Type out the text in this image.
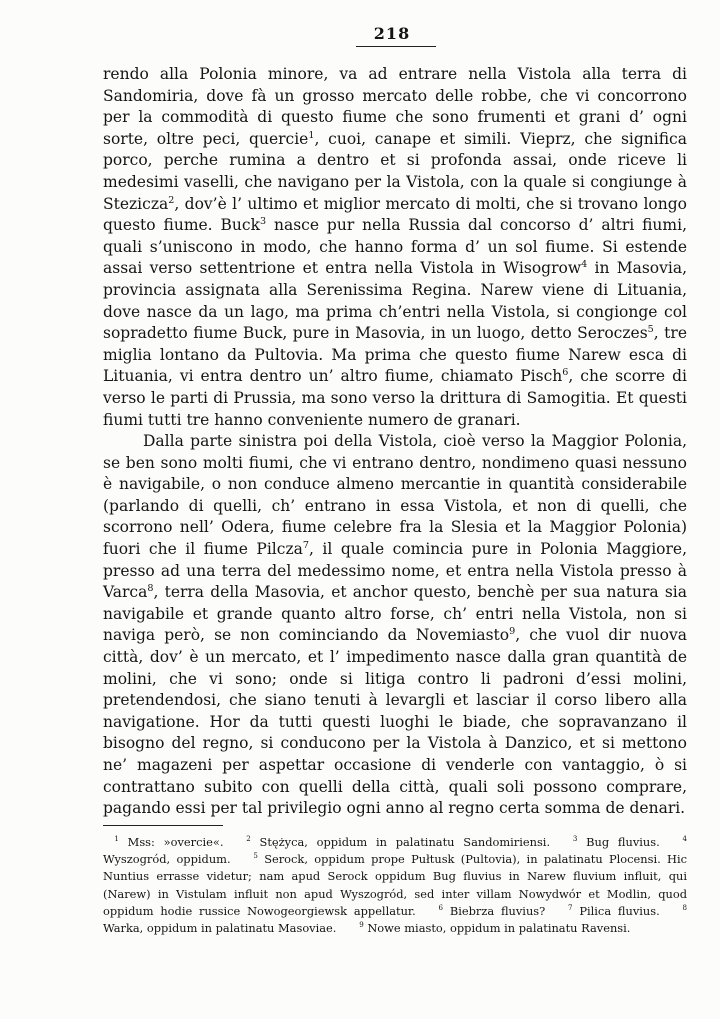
218

rendo alla Polonia minore, va ad entrare nella Vistola alla terra di Sandomiria, dove fà un grosso mercato delle robbe, che vi concorrono per la commodità di questo fiume che sono frumenti et grani d’ ogni sorte, oltre peci, quercie$^1$, cuoi, canape et simili. Vieprz, che significa porco, perche rumina a dentro et si profonda assai, onde riceve li medesimi vaselli, che navigano per la Vistola, con la quale si congiunge à Stezicza$^2$, dov’è l’ ultimo et miglior mercato di molti, che si trovano longo questo fiume. Buck$^3$ nasce pur nella Russia dal concorso d’ altri fiumi, quali s’uniscono in modo, che hanno forma d’ un sol fiume. Si estende assai verso settentrione et entra nella Vistola in Wisogrow$^4$ in Masovia, provincia assignata alla Serenissima Regina. Narew viene di Lituania, dove nasce da un lago, ma prima ch’entri nella Vistola, si congionge col sopradetto fiume Buck, pure in Masovia, in un luogo, detto Seroczes$^5$, tre miglia lontano da Pultovia. Ma prima che questo fiume Narew esca di Lituania, vi entra dentro un’ altro fiume, chiamato Pisch$^6$, che scorre di verso le parti di Prussia, ma sono verso la drittura di Samogitia. Et questi fiumi tutti tre hanno conveniente numero de granari.

Dalla parte sinistra poi della Vistola, cioè verso la Maggior Polonia, se ben sono molti fiumi, che vi entrano dentro, nondimeno quasi nessuno è navigabile, o non conduce almeno mercantie in quantità considerabile (parlando di quelli, ch’ entrano in essa Vistola, et non di quelli, che scorrono nell’ Odera, fiume celebre fra la Slesia et la Maggior Polonia) fuori che il fiume Pilcza$^7$, il quale comincia pure in Polonia Maggiore, presso ad una terra del medessimo nome, et entra nella Vistola presso à Varca$^8$, terra della Masovia, et anchor questo, benchè per sua natura sia navigabile et grande quanto altro forse, ch’ entri nella Vistola, non si naviga però, se non cominciando da Novemiasto$^9$, che vuol dir nuova città, dov’ è un mercato, et l’ impedimento nasce dalla gran quantità de molini, che vi sono; onde si litiga contro li padroni d’essi molini, pretendendosi, che siano tenuti à levargli et lasciar il corso libero alla navigatione. Hor da tutti questi luoghi le biade, che sopravanzano il bisogno del regno, si conducono per la Vistola à Danzico, et si mettono ne’ magazeni per aspettar occasione di venderle con vantaggio, ò si contrattano subito con quelli della città, quali soli possono comprare, pagando essi per tal privilegio ogni anno al regno certa somma de denari.

 $^1$ Mss: »overcie«.  	$^2$ Stężyca, oppidum in palatinatu Sandomiriensi.  	$^3$ Bug fluvius.  	$^4$ Wyszogród, oppidum.  	$^5$ Serock, oppidum prope Pułtusk (Pultovia), in palatinatu Plocensi. Hic Nuntius errasse videtur; nam apud Serock oppidum Bug fluvius in Narew fluvium influit, qui (Narew) in Vistulam influit non apud Wyszogród, sed inter villam Nowydwór et Modlin, quod oppidum hodie russice Nowogeorgiewsk appellatur.  	$^6$ Biebrza fluvius?  	$^7$ Pilica fluvius.  	$^8$ Warka, oppidum in palatinatu Masoviae.  	$^9$ Nowe miasto, oppidum in palatinatu Ravensi.
